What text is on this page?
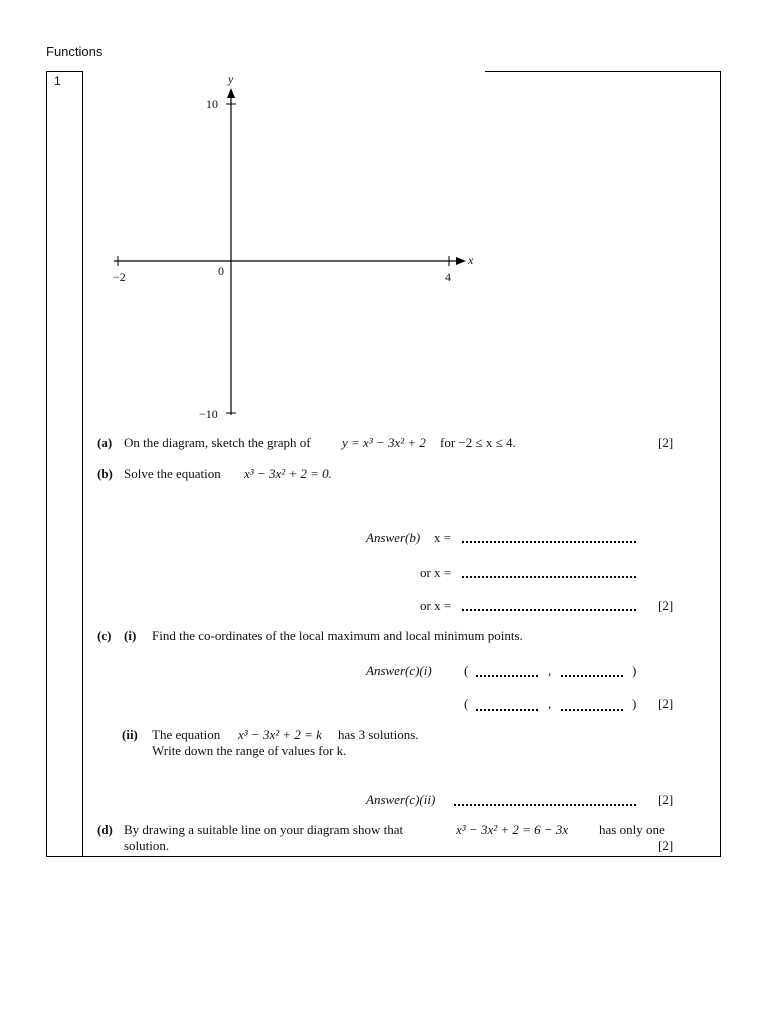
Functions
1	y
x
−2	4
0
10
−10
(a) On the diagram, sketch the graph of y = x³ − 3x² + 2 for −2 ≤ x ≤ 4.	[2]
(b) Solve the equation x³ − 3x² + 2 = 0.
Answer(b) x =
or x =
or x =	[2]
(c) (i) Find the co-ordinates of the local maximum and local minimum points.
Answer(c)(i) (	,	)
(	,	) [2]
(ii) The equation x³ − 3x² + 2 = k has 3 solutions.
Write down the range of values for k.
Answer(c)(ii)	[2]
(d) By drawing a suitable line on your diagram show that	x³ − 3x² + 2 = 6 − 3x has only one
solution.	[2]
